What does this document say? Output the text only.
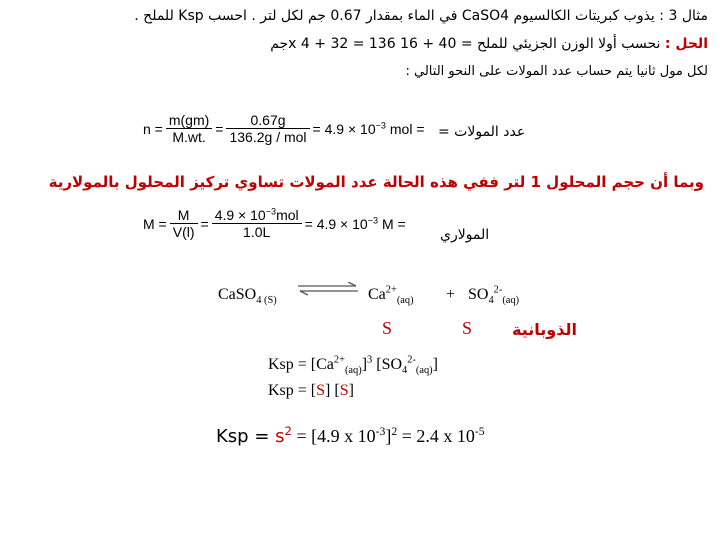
مثال 3 : يذوب كبريتات الكالسيوم CaSO4 في الماء بمقدار 0.67 جم لكل لتر . احسب Ksp للملح .
الحل : نحسب أولا الوزن الجزيئي للملح = 40 + 16 x 4 + 32 = 136جم
لكل مول ثانيا يتم حساب عدد المولات على النحو التالي :
$n = \frac{m(gm)}{M.wt.} = \frac{0.67g}{\text{136.2g / mol}} = 4.9 \times 10^{-3}$ mol = عدد المولات =
وبما أن حجم المحلول 1 لتر ففي هذه الحالة عدد المولات تساوي تركيز المحلول بالمولارية
$M = \frac{M}{V(l)} = \frac{4.9 \times 10^{-3}mol}{1.0L} = 4.9 \times 10^{-3}$ M =
المولاري
CaSO$_4$ $_{(S)}$ ⇌ $Ca^{2+}_{(aq)} + SO_4^{2-}_{(aq)}$
S	S الذوبانية
Ksp = $[Ca^{2+}_{(aq)}]^3$ $[SO_4^{2-}_{(aq)}]$
Ksp = [S] [S]
Ksp = $s^2 = [4.9$ x $10^{-3}]^2 = 2.4$ x $10^{-5}$
